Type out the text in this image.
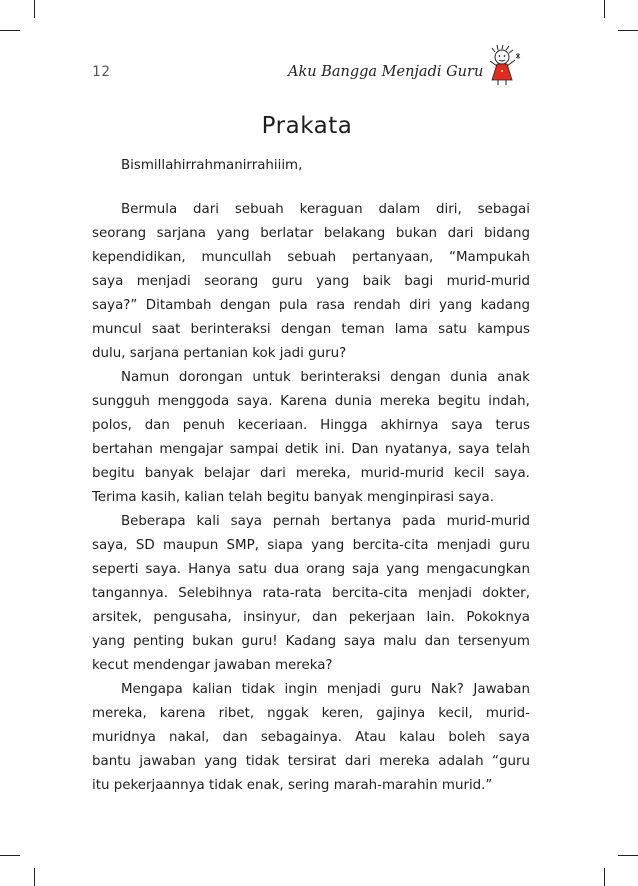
12	Aku Bangga Menjadi Guru
Prakata
Bismillahirrahmanirrahiiim,
Bermula dari sebuah keraguan dalam diri, sebagai
seorang sarjana yang berlatar belakang bukan dari bidang
kependidikan, muncullah sebuah pertanyaan, “Mampukah
saya menjadi seorang guru yang baik bagi murid-murid
saya?” Ditambah dengan pula rasa rendah diri yang kadang
muncul saat berinteraksi dengan teman lama satu kampus
dulu, sarjana pertanian kok jadi guru?
Namun dorongan untuk berinteraksi dengan dunia anak
sungguh menggoda saya. Karena dunia mereka begitu indah,
polos, dan penuh keceriaan. Hingga akhirnya saya terus
bertahan mengajar sampai detik ini. Dan nyatanya, saya telah
begitu banyak belajar dari mereka, murid-murid kecil saya.
Terima kasih, kalian telah begitu banyak menginpirasi saya.
Beberapa kali saya pernah bertanya pada murid-murid
saya, SD maupun SMP, siapa yang bercita-cita menjadi guru
seperti saya. Hanya satu dua orang saja yang mengacungkan
tangannya. Selebihnya rata-rata bercita-cita menjadi dokter,
arsitek, pengusaha, insinyur, dan pekerjaan lain. Pokoknya
yang penting bukan guru! Kadang saya malu dan tersenyum
kecut mendengar jawaban mereka?
Mengapa kalian tidak ingin menjadi guru Nak? Jawaban
mereka, karena ribet, nggak keren, gajinya kecil, murid-
muridnya nakal, dan sebagainya. Atau kalau boleh saya
bantu jawaban yang tidak tersirat dari mereka adalah “guru
itu pekerjaannya tidak enak, sering marah-marahin murid.”
